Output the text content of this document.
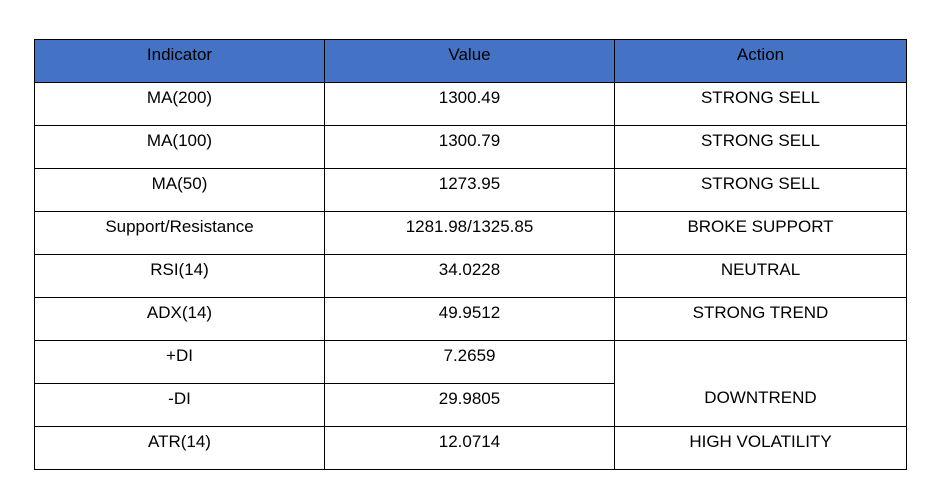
Indicator	Value	Action
MA(200)	1300.49	STRONG SELL
MA(100)	1300.79	STRONG SELL
MA(50)	1273.95	STRONG SELL
Support/Resistance	1281.98/1325.85	BROKE SUPPORT
RSI(14)	34.0228	NEUTRAL
ADX(14)	49.9512	STRONG TREND
+DI	7.2659	DOWNTREND
-DI	29.9805	
ATR(14)	12.0714	HIGH VOLATILITY
